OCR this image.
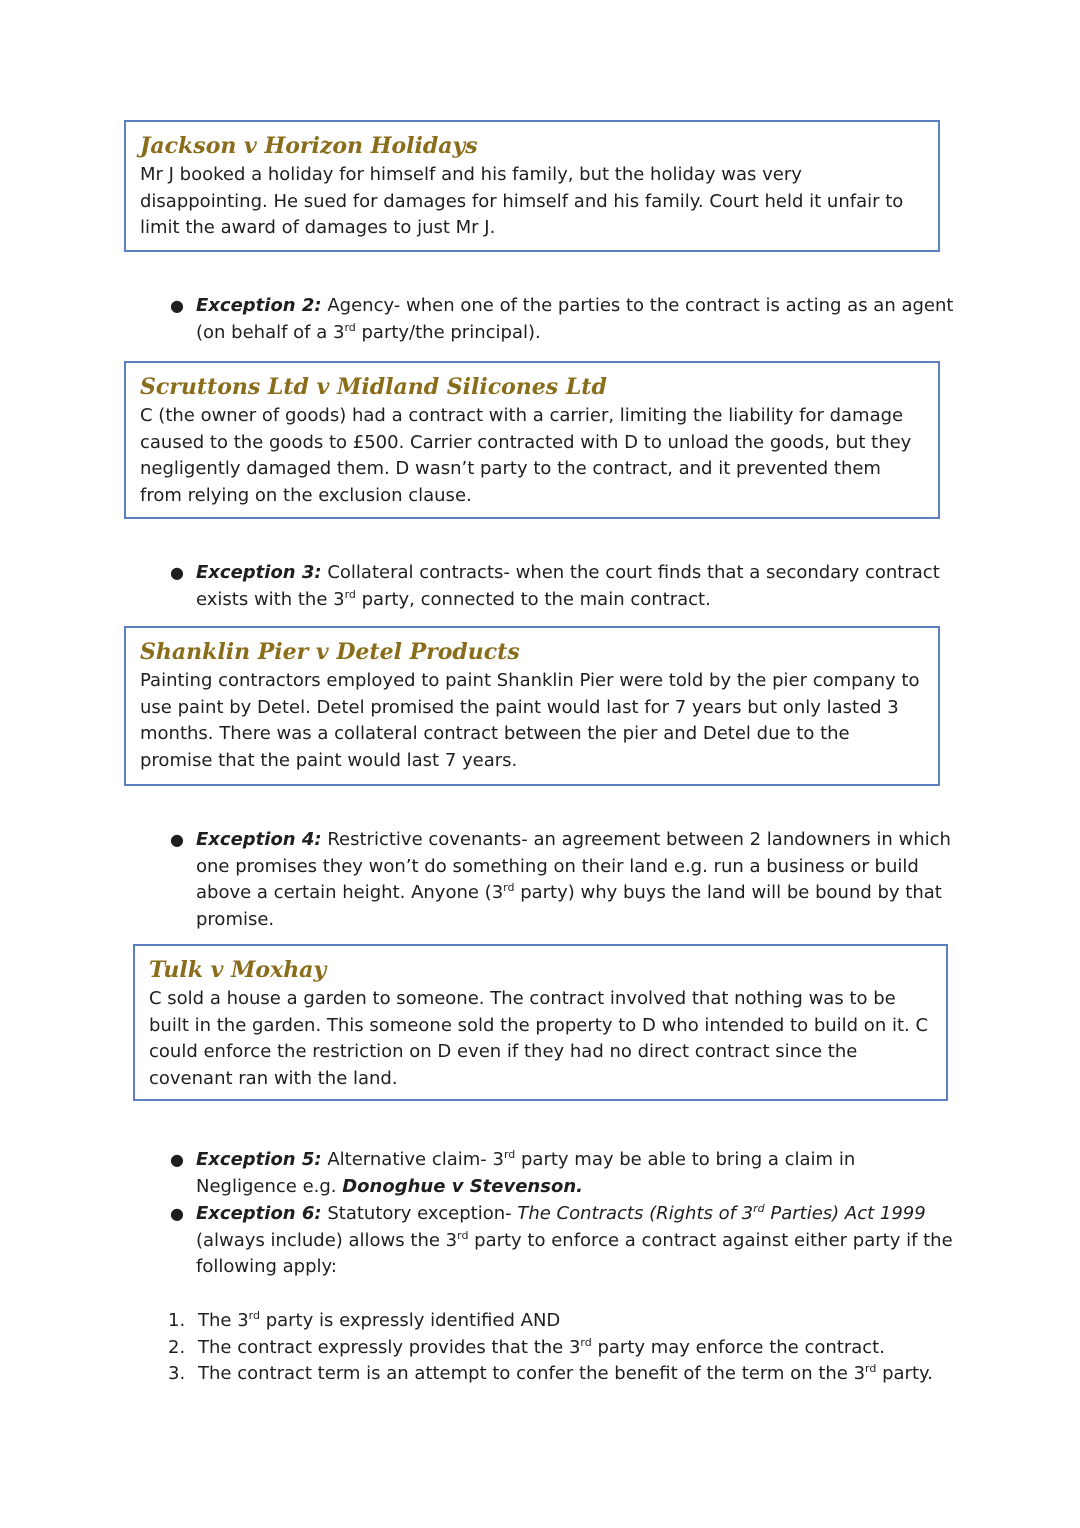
Jackson v Horizon Holidays
Mr J booked a holiday for himself and his family, but the holiday was very disappointing. He sued for damages for himself and his family. Court held it unfair to limit the award of damages to just Mr J.
● Exception 2: Agency- when one of the parties to the contract is acting as an agent (on behalf of a 3rd party/the principal).
Scruttons Ltd v Midland Silicones Ltd
C (the owner of goods) had a contract with a carrier, limiting the liability for damage caused to the goods to £500. Carrier contracted with D to unload the goods, but they negligently damaged them. D wasn’t party to the contract, and it prevented them from relying on the exclusion clause.
● Exception 3: Collateral contracts- when the court finds that a secondary contract exists with the 3rd party, connected to the main contract.
Shanklin Pier v Detel Products
Painting contractors employed to paint Shanklin Pier were told by the pier company to use paint by Detel. Detel promised the paint would last for 7 years but only lasted 3 months. There was a collateral contract between the pier and Detel due to the promise that the paint would last 7 years.
● Exception 4: Restrictive covenants- an agreement between 2 landowners in which one promises they won’t do something on their land e.g. run a business or build above a certain height. Anyone (3rd party) why buys the land will be bound by that promise.
Tulk v Moxhay
C sold a house a garden to someone. The contract involved that nothing was to be built in the garden. This someone sold the property to D who intended to build on it. C could enforce the restriction on D even if they had no direct contract since the covenant ran with the land.
● Exception 5: Alternative claim- 3rd party may be able to bring a claim in Negligence e.g. Donoghue v Stevenson.
● Exception 6: Statutory exception- The Contracts (Rights of 3rd Parties) Act 1999 (always include) allows the 3rd party to enforce a contract against either party if the following apply:
1. The 3rd party is expressly identified AND
2. The contract expressly provides that the 3rd party may enforce the contract.
3. The contract term is an attempt to confer the benefit of the term on the 3rd party.
